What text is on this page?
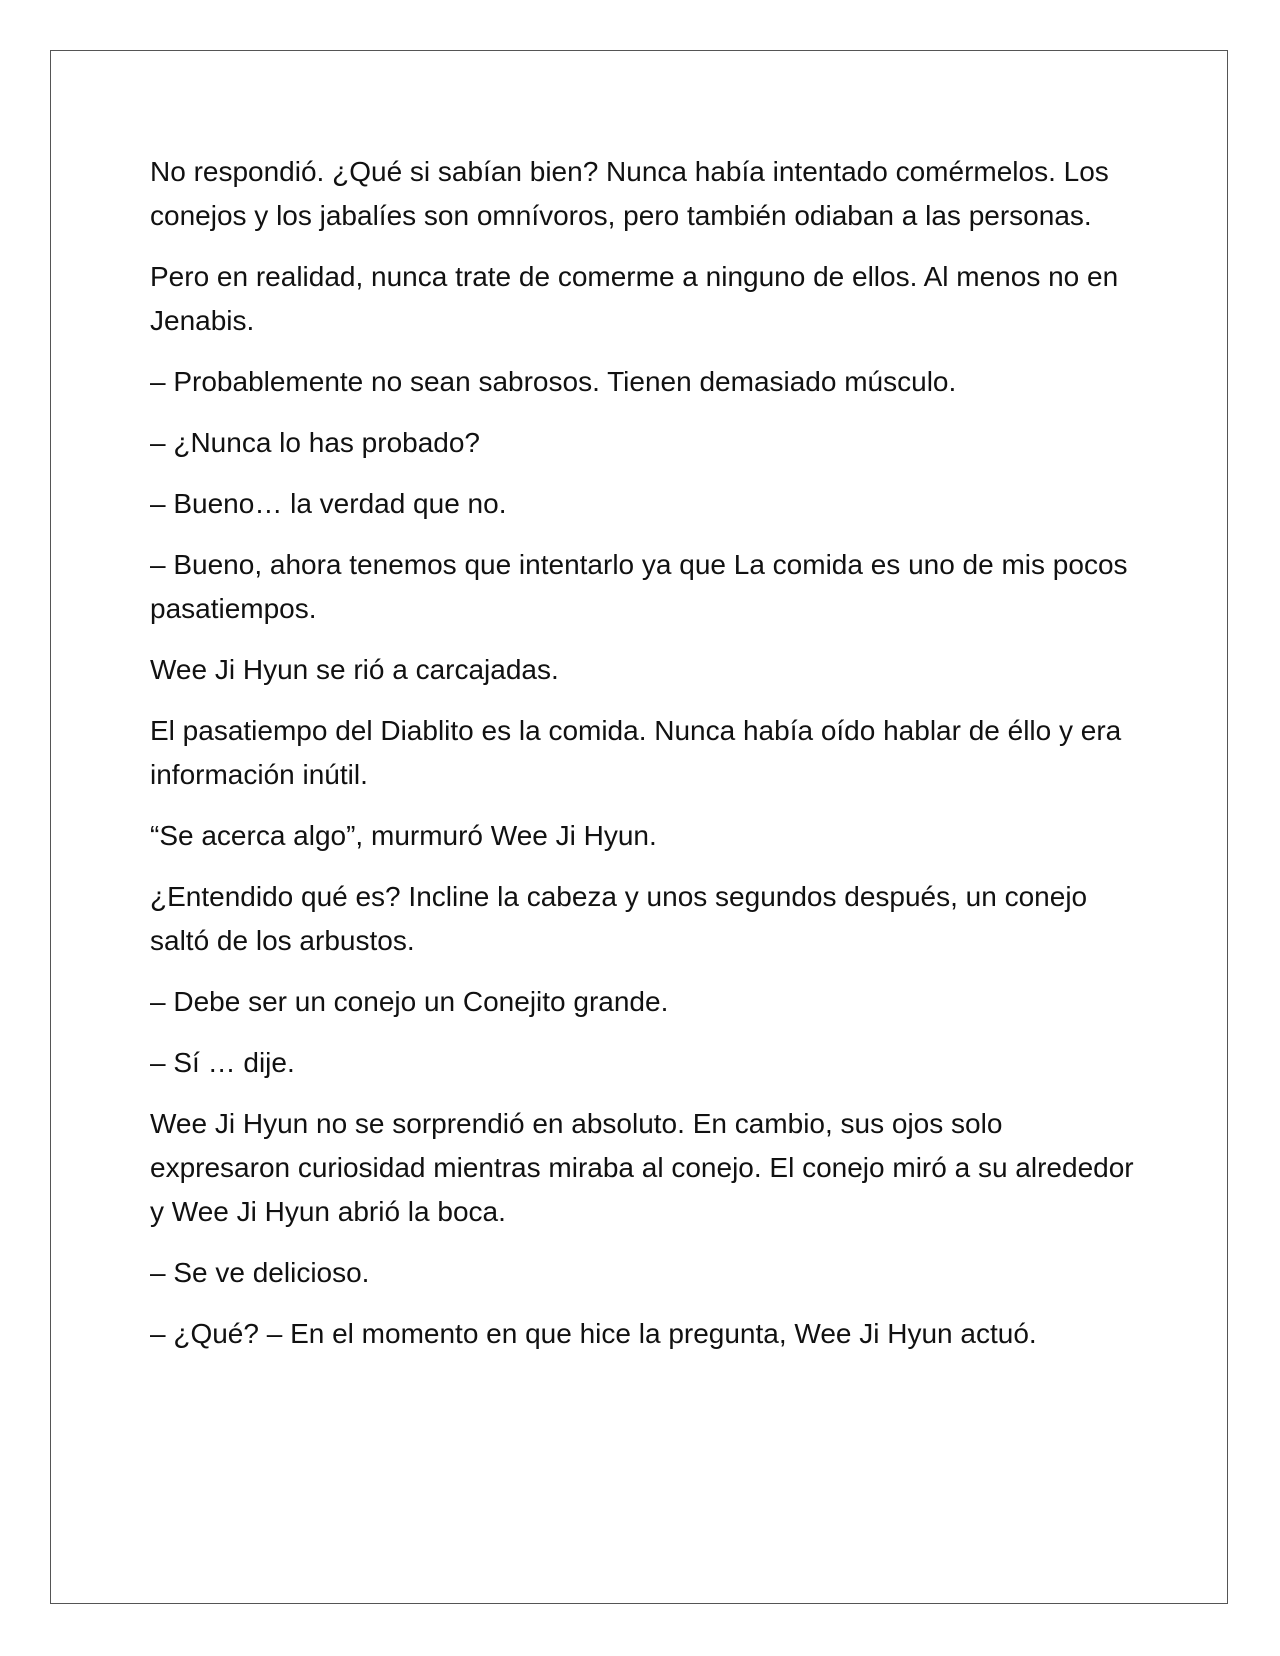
No respondió. ¿Qué si sabían bien? Nunca había intentado comérmelos. Los conejos y los jabalíes son omnívoros, pero también odiaban a las personas.

Pero en realidad, nunca trate de comerme a ninguno de ellos. Al menos no en Jenabis.

– Probablemente no sean sabrosos. Tienen demasiado músculo.

– ¿Nunca lo has probado?

– Bueno… la verdad que no.

– Bueno, ahora tenemos que intentarlo ya que La comida es uno de mis pocos pasatiempos.

Wee Ji Hyun se rió a carcajadas.

El pasatiempo del Diablito es la comida. Nunca había oído hablar de éllo y era información inútil.

“Se acerca algo”, murmuró Wee Ji Hyun.

¿Entendido qué es? Incline la cabeza y unos segundos después, un conejo saltó de los arbustos.

– Debe ser un conejo un Conejito grande.

– Sí … dije.

Wee Ji Hyun no se sorprendió en absoluto. En cambio, sus ojos solo expresaron curiosidad mientras miraba al conejo. El conejo miró a su alrededor y Wee Ji Hyun abrió la boca.

– Se ve delicioso.

– ¿Qué? – En el momento en que hice la pregunta, Wee Ji Hyun actuó.
